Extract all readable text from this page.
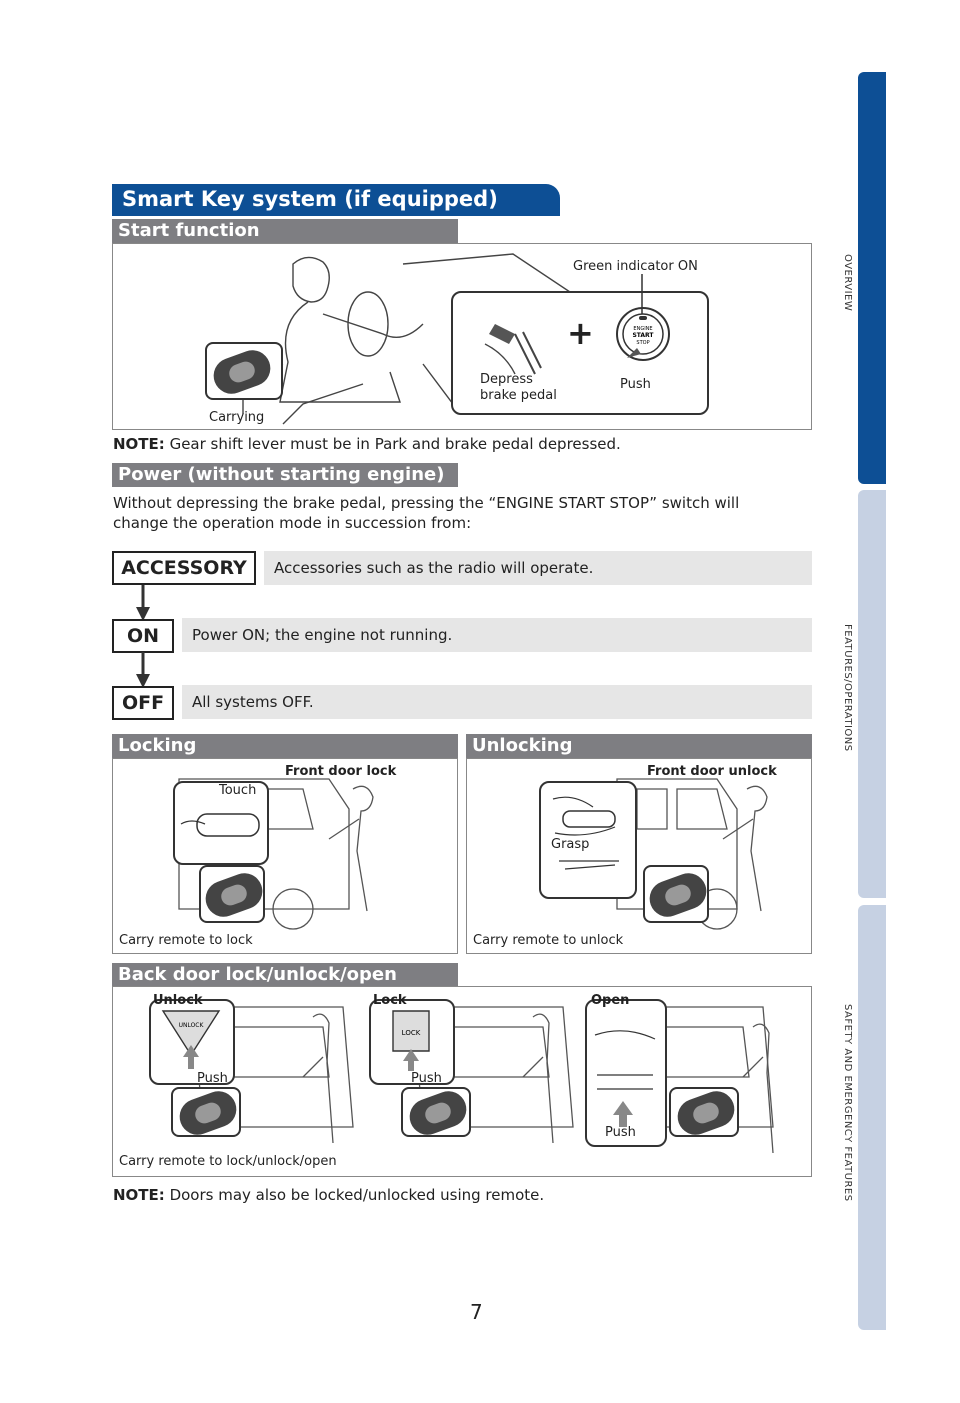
OVERVIEW
FEATURES/OPERATIONS
SAFETY AND EMERGENCY FEATURES
Smart Key system (if equipped)
Start function
+	ENGINE
START
STOP
Green indicator ON
Depress
brake pedal
Push
Carrying
NOTE: Gear shift lever must be in Park and brake pedal depressed.
Power (without starting engine)
Without depressing the brake pedal, pressing the “ENGINE START STOP” switch will
change the operation mode in succession from:
ACCESSORY	Accessories such as the radio will operate.
ON	Power ON; the engine not running.
OFF	All systems OFF.
Locking
Touch
Front door lock
Carry remote to lock
Unlocking
Grasp
Front door unlock
Carry remote to unlock
Back door lock/unlock/open
UNLOCK
Unlock
Push
LOCK
Lock
Push
Open
Push
Carry remote to lock/unlock/open
NOTE: Doors may also be locked/unlocked using remote.
7
